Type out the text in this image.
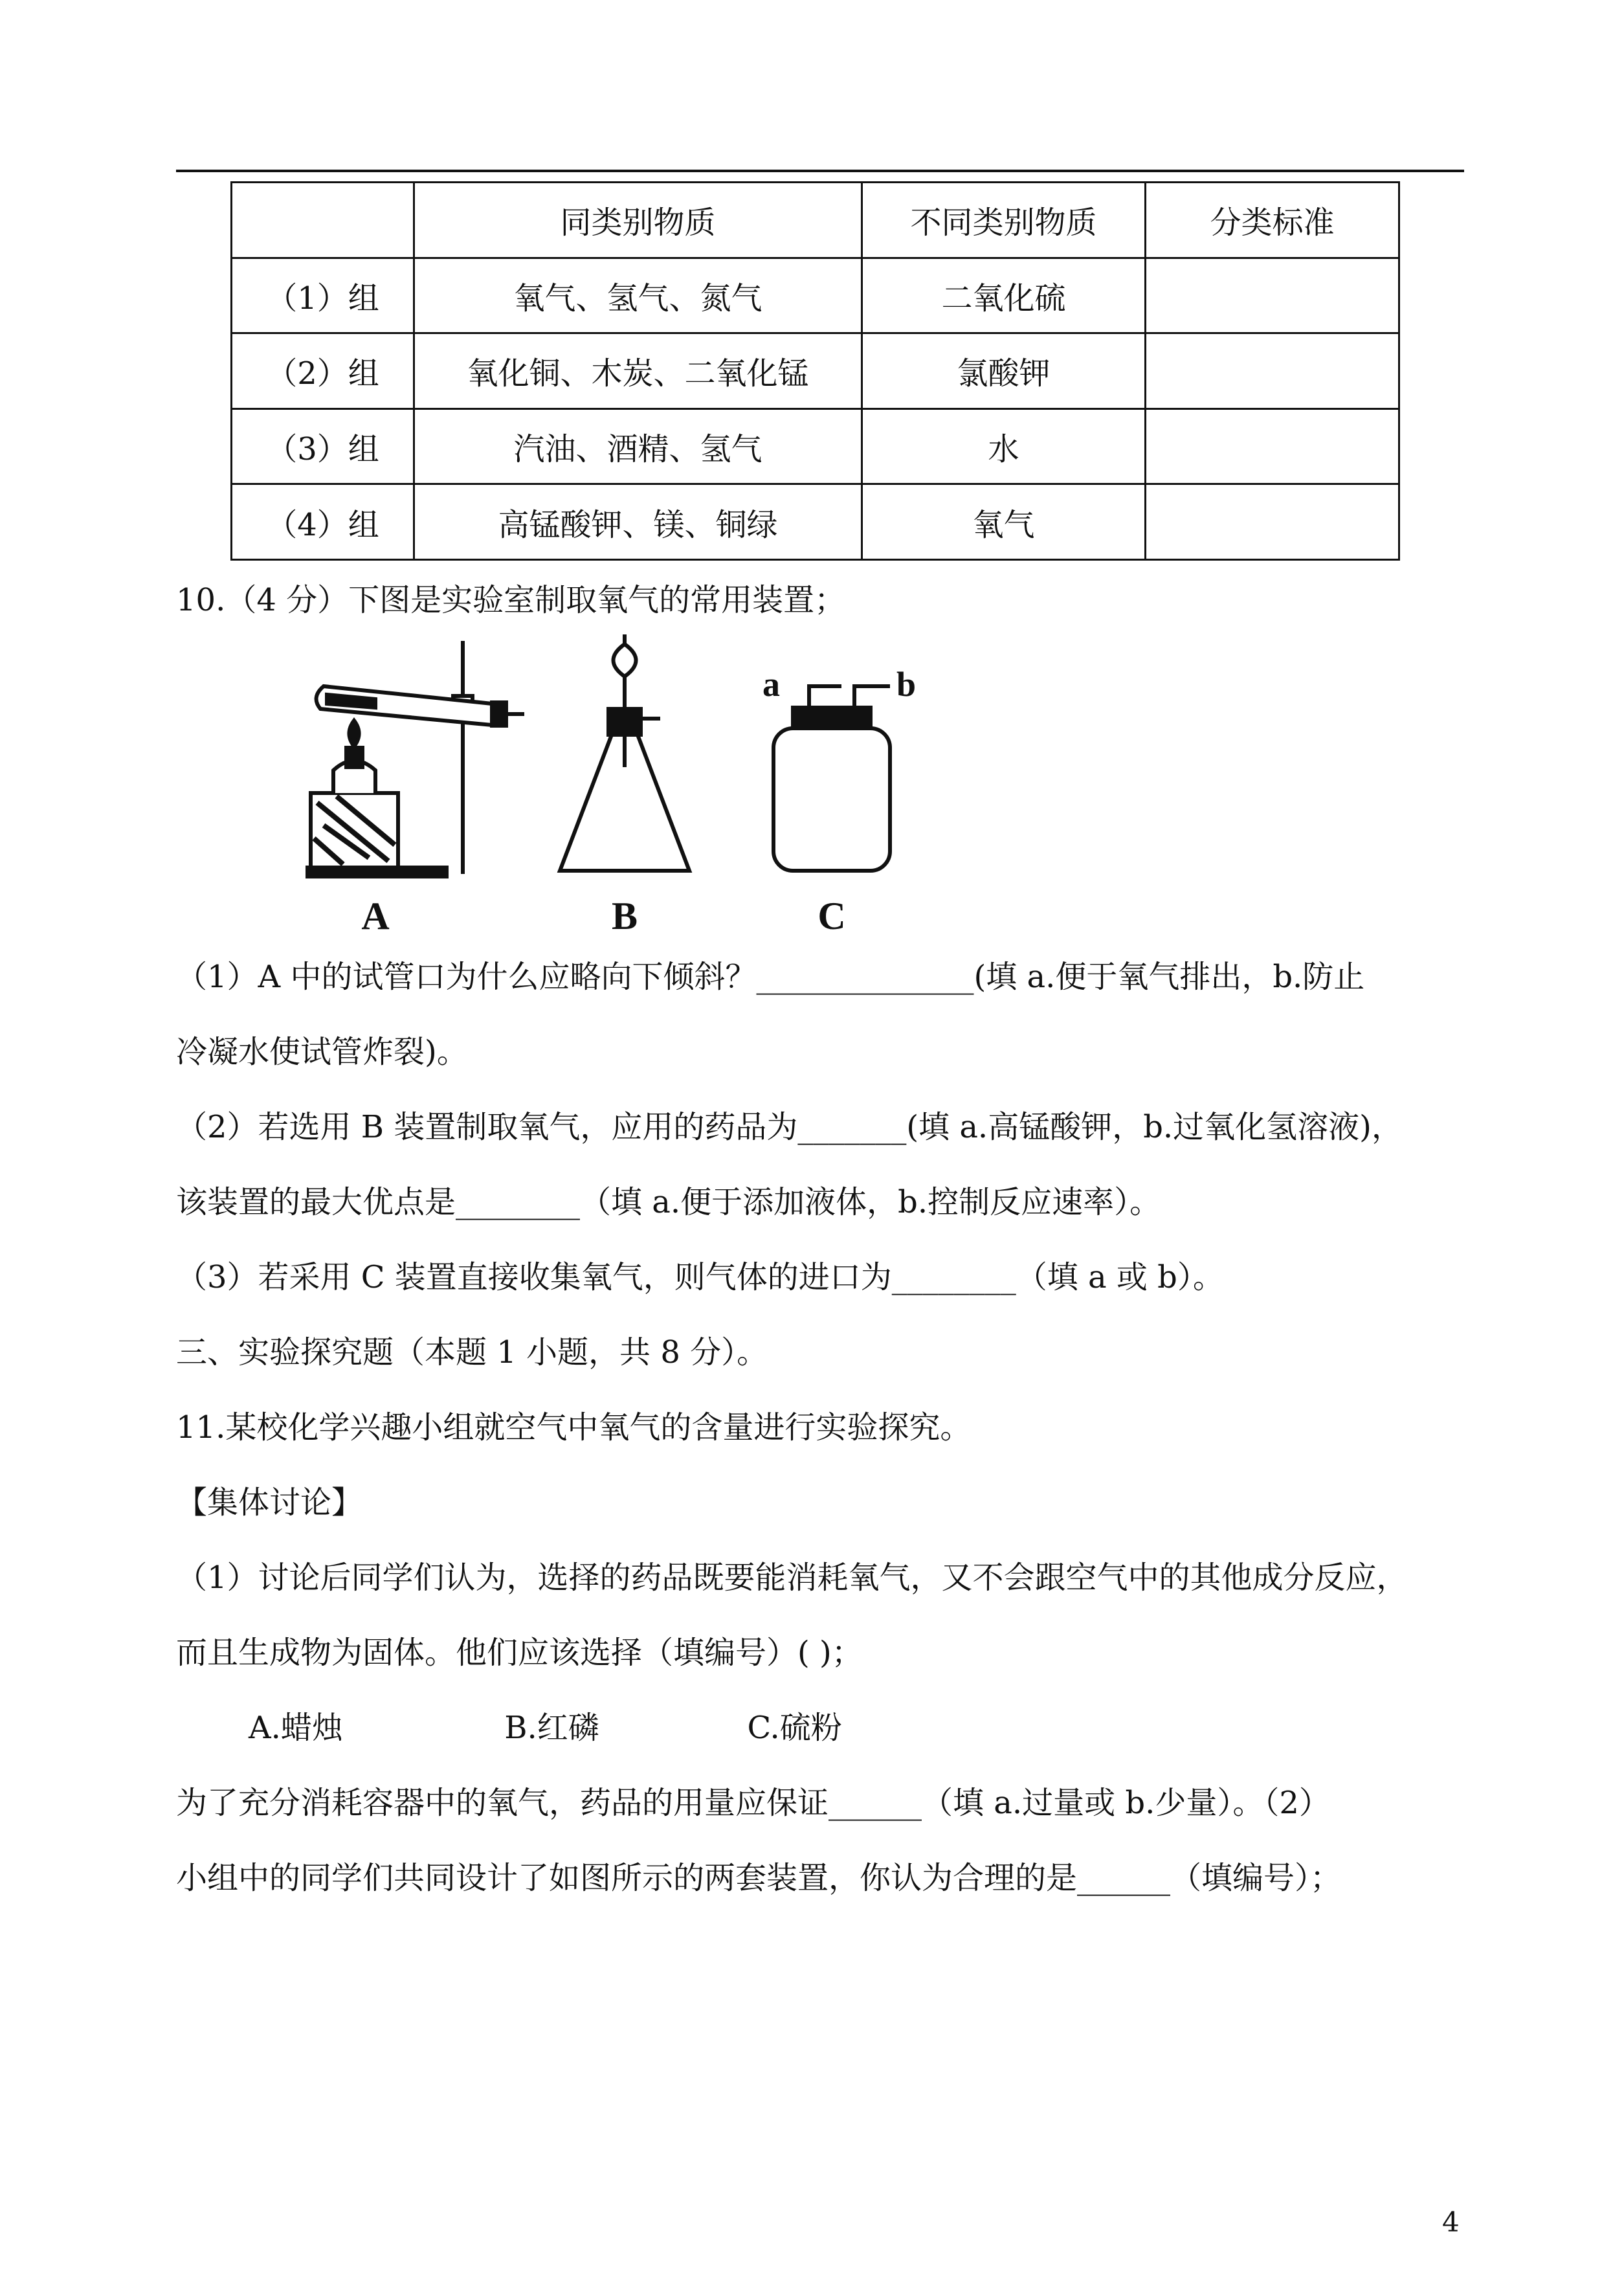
	同类别物质	不同类别物质	分类标准
（1）组	氧气、氢气、氮气	二氧化硫	
（2）组	氧化铜、木炭、二氧化锰	氯酸钾	
（3）组	汽油、酒精、氢气	水	
（4）组	高锰酸钾、镁、铜绿	氧气	
10.（4 分）下图是实验室制取氧气的常用装置；
A	B	C
a	b
（1）A 中的试管口为什么应略向下倾斜？______________(填 a.便于氧气排出，b.防止
冷凝水使试管炸裂)。
（2）若选用 B 装置制取氧气，应用的药品为_______(填 a.高锰酸钾，b.过氧化氢溶液)，
该装置的最大优点是________（填 a.便于添加液体，b.控制反应速率）。
（3）若采用 C 装置直接收集氧气，则气体的进口为________（填 a 或 b）。
三、实验探究题（本题 1 小题，共 8 分）。
11.某校化学兴趣小组就空气中氧气的含量进行实验探究。
【集体讨论】
（1）讨论后同学们认为，选择的药品既要能消耗氧气，又不会跟空气中的其他成分反应，
而且生成物为固体。他们应该选择（填编号）( )；
A.蜡烛	B.红磷	C.硫粉
为了充分消耗容器中的氧气，药品的用量应保证______（填 a.过量或 b.少量）。（2）
小组中的同学们共同设计了如图所示的两套装置，你认为合理的是______（填编号）；
4
